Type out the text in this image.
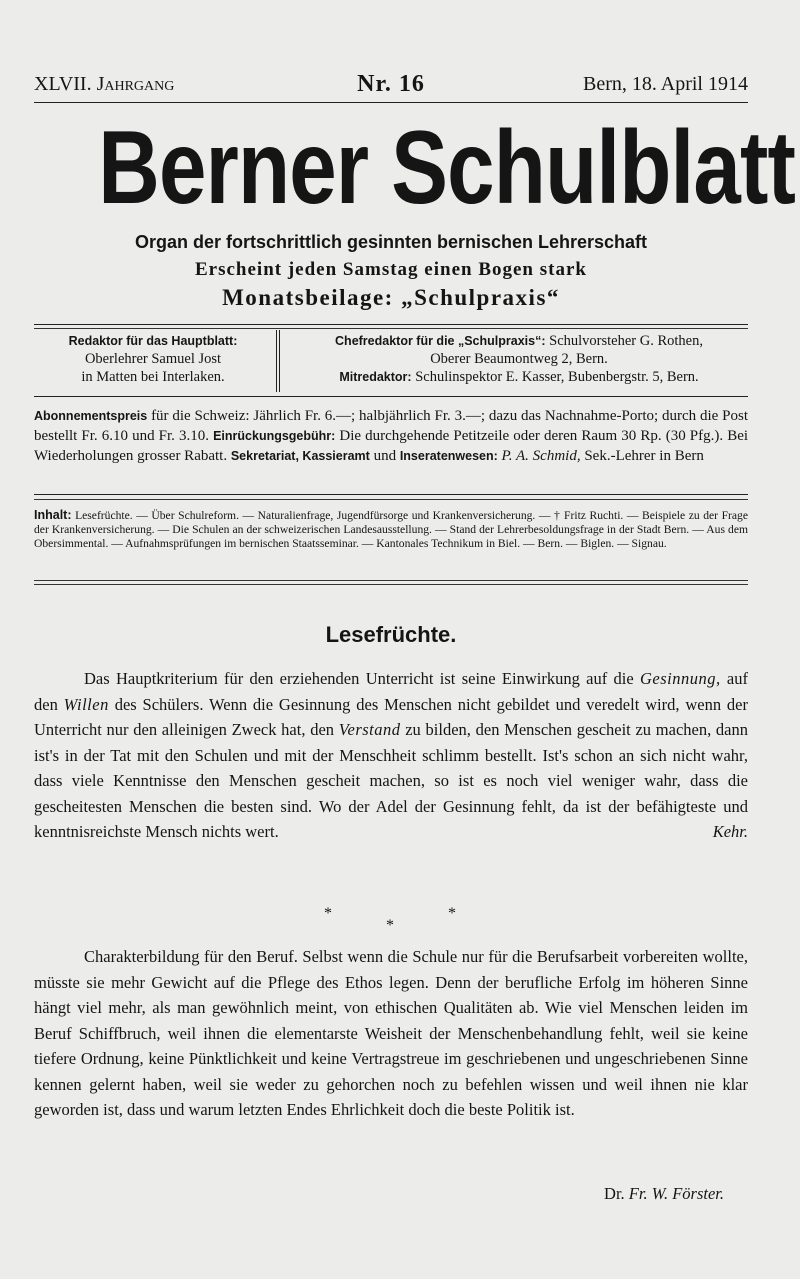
XLVII. Jahrgang	Nr. 16	Bern, 18. April 1914
Berner Schulblatt
Organ der fortschrittlich gesinnten bernischen Lehrerschaft
Erscheint jeden Samstag einen Bogen stark
Monatsbeilage: „Schulpraxis“
Redaktor für das Hauptblatt:
Oberlehrer Samuel Jost
in Matten bei Interlaken.
Chefredaktor für die „Schulpraxis“: Schulvorsteher G. Rothen,
Oberer Beaumontweg 2, Bern.
Mitredaktor: Schulinspektor E. Kasser, Bubenbergstr. 5, Bern.
Abonnementspreis für die Schweiz: Jährlich Fr. 6.—; halbjährlich Fr. 3.—; dazu das Nachnahme-Porto; durch die Post bestellt Fr. 6.10 und Fr. 3.10. Einrückungsgebühr: Die durchgehende Petitzeile oder deren Raum 30 Rp. (30 Pfg.). Bei Wiederholungen grosser Rabatt. Sekretariat, Kassieramt und Inseratenwesen: P. A. Schmid, Sek.-Lehrer in Bern
Inhalt: Lesefrüchte. — Über Schulreform. — Naturalienfrage, Jugendfürsorge und Krankenversicherung. — † Fritz Ruchti. — Beispiele zu der Frage der Krankenversicherung. — Die Schulen an der schweizerischen Landesausstellung. — Stand der Lehrerbesoldungsfrage in der Stadt Bern. — Aus dem Obersimmental. — Aufnahmsprüfungen im bernischen Staatsseminar. — Kantonales Technikum in Biel. — Bern. — Biglen. — Signau.
Lesefrüchte.
Das Hauptkriterium für den erziehenden Unterricht ist seine Einwirkung auf die Gesinnung, auf den Willen des Schülers. Wenn die Gesinnung des Menschen nicht gebildet und veredelt wird, wenn der Unterricht nur den alleinigen Zweck hat, den Verstand zu bilden, den Menschen gescheit zu machen, dann ist's in der Tat mit den Schulen und mit der Menschheit schlimm bestellt. Ist's schon an sich nicht wahr, dass viele Kenntnisse den Menschen gescheit machen, so ist es noch viel weniger wahr, dass die gescheitesten Menschen die besten sind. Wo der Adel der Gesinnung fehlt, da ist der befähigteste und kenntnisreichste Mensch nichts wert.	Kehr.
*
*
*
Charakterbildung für den Beruf. Selbst wenn die Schule nur für die Berufsarbeit vorbereiten wollte, müsste sie mehr Gewicht auf die Pflege des Ethos legen. Denn der berufliche Erfolg im höheren Sinne hängt viel mehr, als man gewöhnlich meint, von ethischen Qualitäten ab. Wie viel Menschen leiden im Beruf Schiffbruch, weil ihnen die elementarste Weisheit der Menschenbehandlung fehlt, weil sie keine tiefere Ordnung, keine Pünktlichkeit und keine Vertragstreue im geschriebenen und ungeschriebenen Sinne kennen gelernt haben, weil sie weder zu gehorchen noch zu befehlen wissen und weil ihnen nie klar geworden ist, dass und warum letzten Endes Ehrlichkeit doch die beste Politik ist.
Dr. Fr. W. Förster.
